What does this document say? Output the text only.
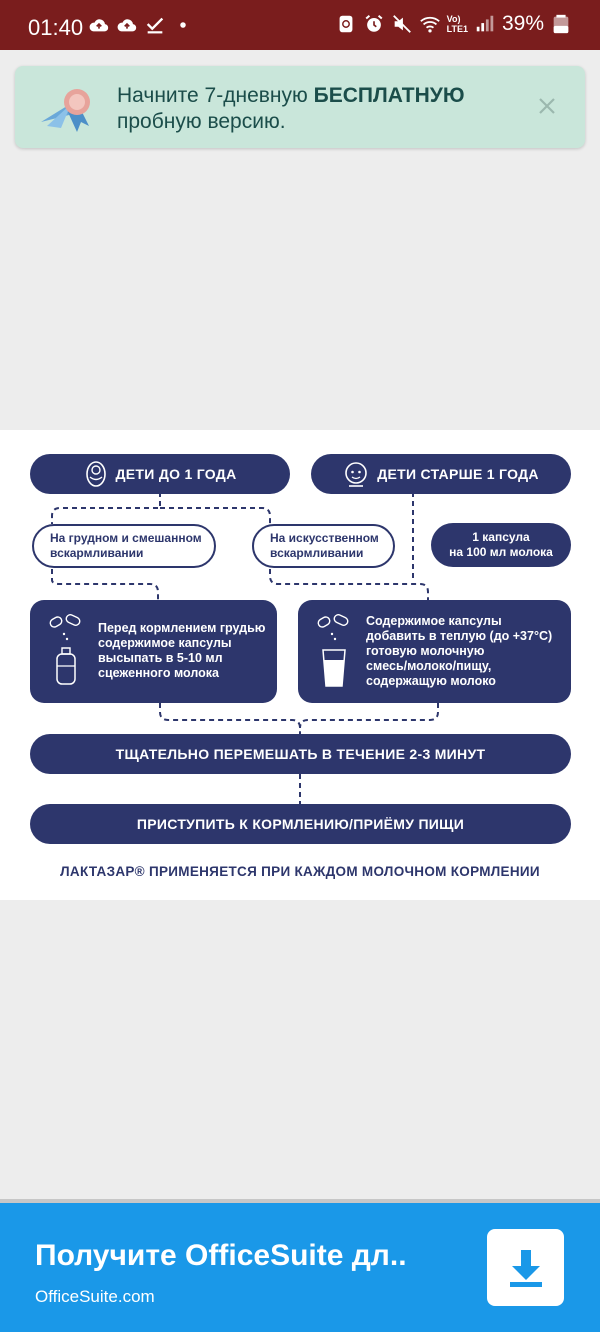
01:40	Vo)
LTE1 39%
Начните 7-дневную БЕСПЛАТНУЮ
пробную версию.
ДЕТИ ДО 1 ГОДА	ДЕТИ СТАРШЕ 1 ГОДА
На грудном и смешанном
вскармливании
На искусственном
вскармливании
1 капсула
на 100 мл молока
Перед кормлением грудью
содержимое капсулы
высыпать в 5-10 мл
сцеженного молока
Содержимое капсулы
добавить в теплую (до +37°С)
готовую молочную
смесь/молоко/пищу,
содержащую молоко
ТЩАТЕЛЬНО ПЕРЕМЕШАТЬ В ТЕЧЕНИЕ 2-3 МИНУТ
ПРИСТУПИТЬ К КОРМЛЕНИЮ/ПРИЁМУ ПИЩИ
ЛАКТАЗАР® ПРИМЕНЯЕТСЯ ПРИ КАЖДОМ МОЛОЧНОМ КОРМЛЕНИИ
Получите OfficeSuite дл..
OfficeSuite.com
